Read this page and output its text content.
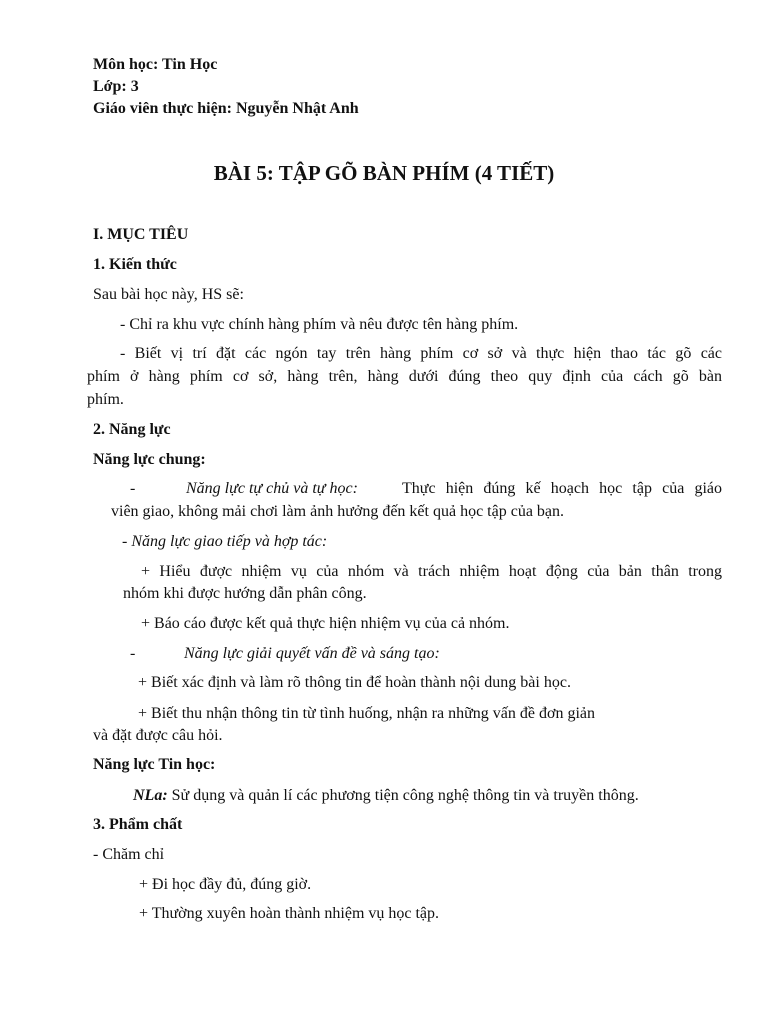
Môn học: Tin Học
Lớp: 3
Giáo viên thực hiện: Nguyễn Nhật Anh
BÀI 5: TẬP GÕ BÀN PHÍM (4 TIẾT)
I. MỤC TIÊU
1. Kiến thức
Sau bài học này, HS sẽ:
- Chỉ ra khu vực chính hàng phím và nêu được tên hàng phím.
- Biết vị trí đặt các ngón tay trên hàng phím cơ sở và thực hiện thao tác gõ các
phím ở hàng phím cơ sở, hàng trên, hàng dưới đúng theo quy định của cách gõ bàn
phím.
2. Năng lực
Năng lực chung:
-	Năng lực tự chủ và tự học:	Thực hiện đúng kế hoạch học tập của giáo
viên giao, không mải chơi làm ảnh hưởng đến kết quả học tập của bạn.
- Năng lực giao tiếp và hợp tác:
+ Hiểu được nhiệm vụ của nhóm và trách nhiệm hoạt động của bản thân trong
nhóm khi được hướng dẫn phân công.
+ Báo cáo được kết quả thực hiện nhiệm vụ của cả nhóm.
-	Năng lực giải quyết vấn đề và sáng tạo:
+ Biết xác định và làm rõ thông tin để hoàn thành nội dung bài học.
+ Biết thu nhận thông tin từ tình huống, nhận ra những vấn đề đơn giản
và đặt được câu hỏi.
Năng lực Tin học:
NLa: Sử dụng và quản lí các phương tiện công nghệ thông tin và truyền thông.
3. Phẩm chất
- Chăm chỉ
+ Đi học đầy đủ, đúng giờ.
+ Thường xuyên hoàn thành nhiệm vụ học tập.
